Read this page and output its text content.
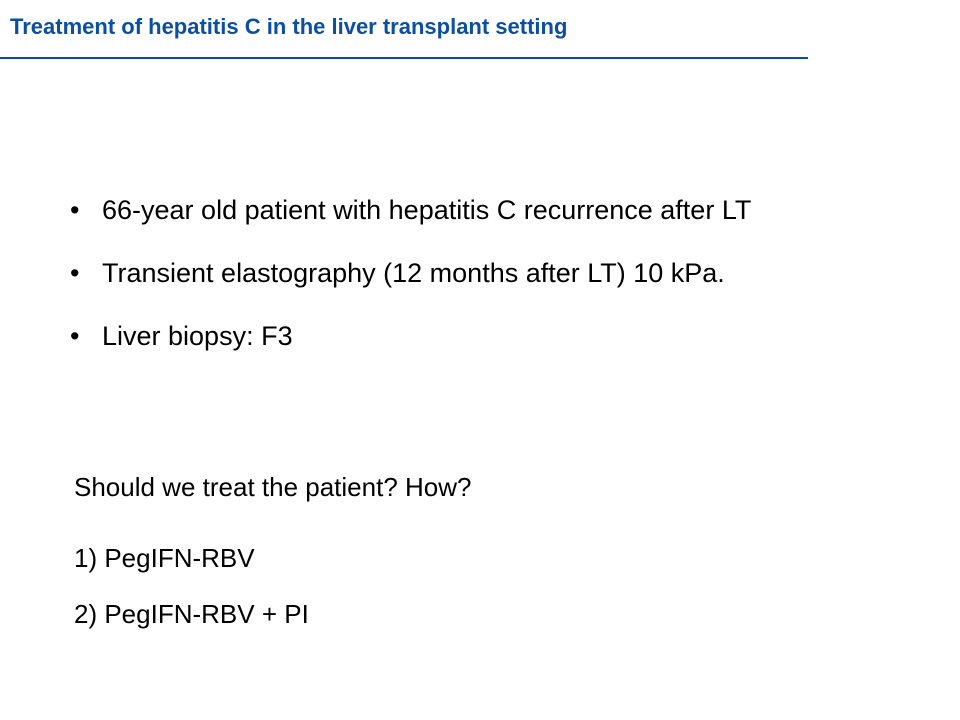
Treatment of hepatitis C in the liver transplant setting
• 66-year old patient with hepatitis C recurrence after LT
• Transient elastography (12 months after LT) 10 kPa.
• Liver biopsy: F3
Should we treat the patient? How?
1) PegIFN-RBV
2) PegIFN-RBV + PI
